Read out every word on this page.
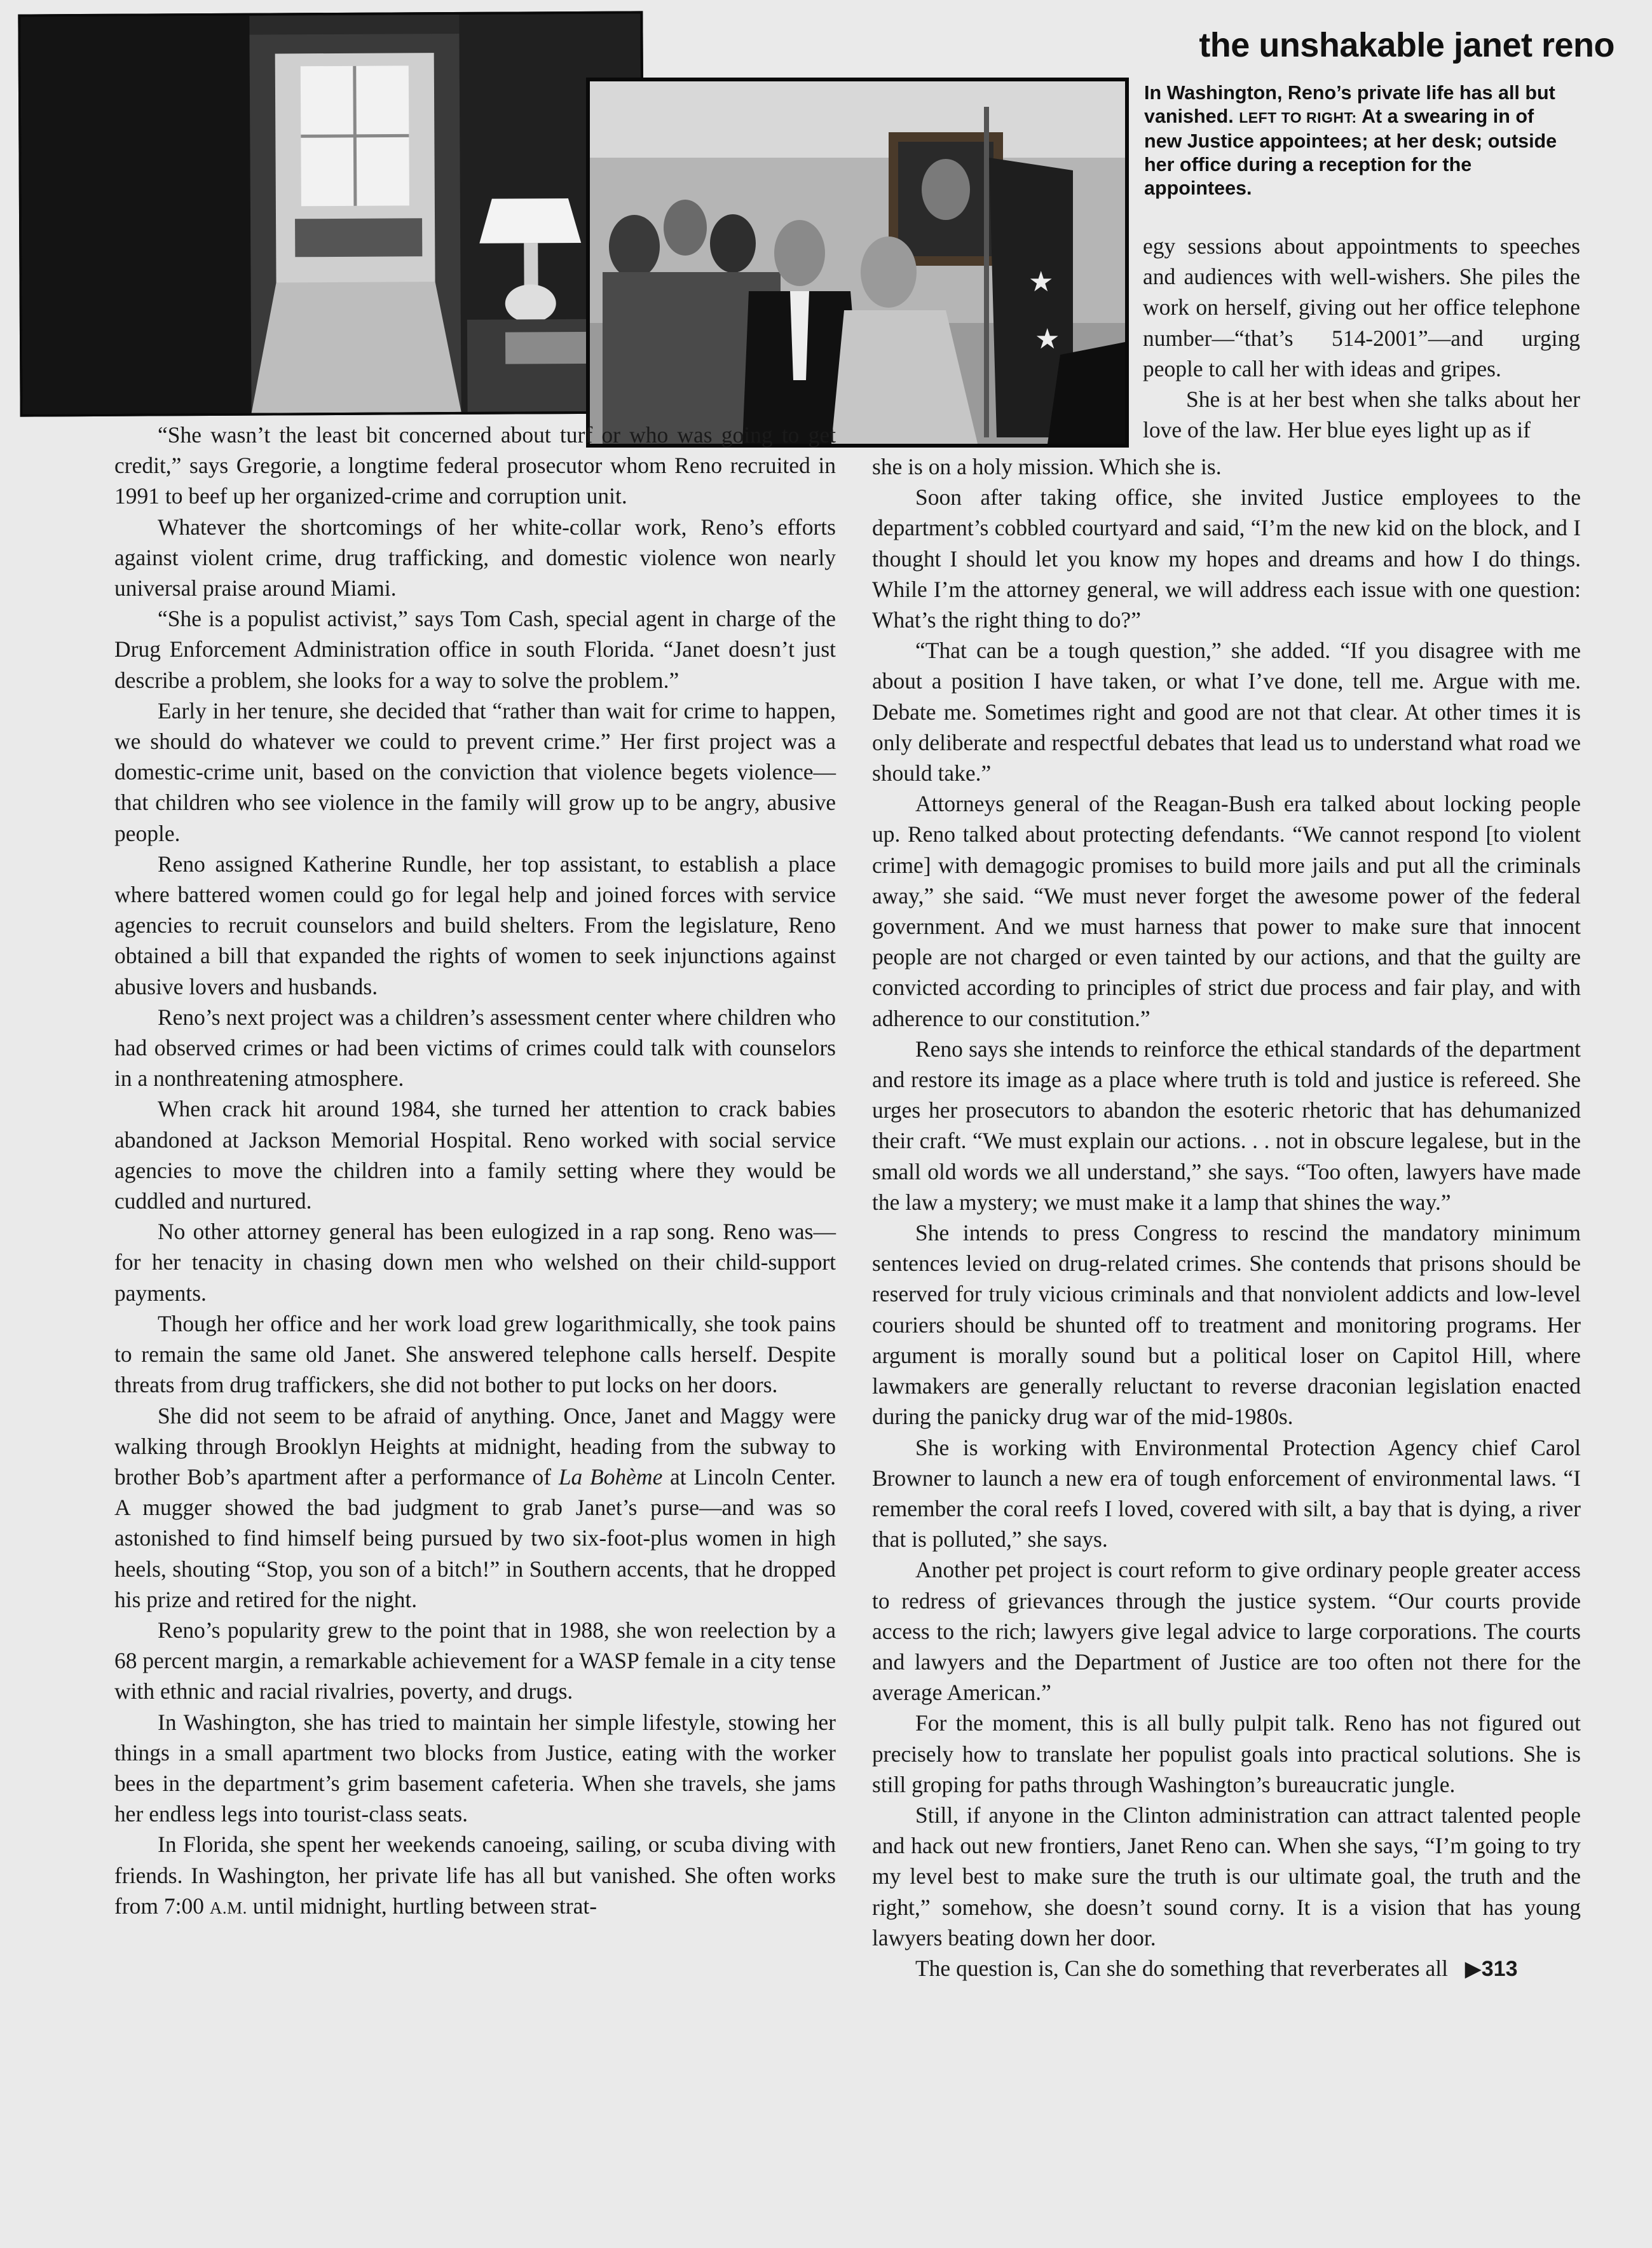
the unshakable janet reno
In Washington, Reno’s private life has all but vanished. LEFT TO RIGHT: At a swearing in of new Justice appointees; at her desk; outside her office during a reception for the appointees.
★
★

egy sessions about appointments to speeches and audiences with well-wishers. She piles the work on herself, giving out her office telephone number—“that’s 514-2001”—and urging people to call her with ideas and gripes.

She is at her best when she talks about her love of the law. Her blue eyes light up as if

“She wasn’t the least bit concerned about turf or who was going to get credit,” says Gregorie, a longtime federal prosecutor whom Reno recruited in 1991 to beef up her organized-crime and corruption unit.

Whatever the shortcomings of her white-collar work, Reno’s efforts against violent crime, drug trafficking, and domestic violence won nearly universal praise around Miami.

“She is a populist activist,” says Tom Cash, special agent in charge of the Drug Enforcement Administration office in south Florida. “Janet doesn’t just describe a problem, she looks for a way to solve the problem.”

Early in her tenure, she decided that “rather than wait for crime to happen, we should do whatever we could to prevent crime.” Her first project was a domestic-crime unit, based on the conviction that violence begets violence—that children who see violence in the family will grow up to be angry, abusive people.

Reno assigned Katherine Rundle, her top assistant, to establish a place where battered women could go for legal help and joined forces with service agencies to recruit counselors and build shelters. From the legislature, Reno obtained a bill that expanded the rights of women to seek injunctions against abusive lovers and husbands.

Reno’s next project was a children’s assessment center where children who had observed crimes or had been victims of crimes could talk with counselors in a nonthreatening atmosphere.

When crack hit around 1984, she turned her attention to crack babies abandoned at Jackson Memorial Hospital. Reno worked with social service agencies to move the children into a family setting where they would be cuddled and nurtured.

No other attorney general has been eulogized in a rap song. Reno was—for her tenacity in chasing down men who welshed on their child-support payments.

Though her office and her work load grew logarithmically, she took pains to remain the same old Janet. She answered telephone calls herself. Despite threats from drug traffickers, she did not bother to put locks on her doors.

She did not seem to be afraid of anything. Once, Janet and Maggy were walking through Brooklyn Heights at midnight, heading from the subway to brother Bob’s apartment after a performance of La Bohème at Lincoln Center. A mugger showed the bad judgment to grab Janet’s purse—and was so astonished to find himself being pursued by two six-foot-plus women in high heels, shouting “Stop, you son of a bitch!” in Southern accents, that he dropped his prize and retired for the night.

Reno’s popularity grew to the point that in 1988, she won reelection by a 68 percent margin, a remarkable achievement for a WASP female in a city tense with ethnic and racial rivalries, poverty, and drugs.

In Washington, she has tried to maintain her simple lifestyle, stowing her things in a small apartment two blocks from Justice, eating with the worker bees in the department’s grim basement cafeteria. When she travels, she jams her endless legs into tourist-class seats.

In Florida, she spent her weekends canoeing, sailing, or scuba diving with friends. In Washington, her private life has all but vanished. She often works from 7:00 A.M. until midnight, hurtling between strat-

she is on a holy mission. Which she is.

Soon after taking office, she invited Justice employees to the department’s cobbled courtyard and said, “I’m the new kid on the block, and I thought I should let you know my hopes and dreams and how I do things. While I’m the attorney general, we will address each issue with one question: What’s the right thing to do?”

“That can be a tough question,” she added. “If you disagree with me about a position I have taken, or what I’ve done, tell me. Argue with me. Debate me. Sometimes right and good are not that clear. At other times it is only deliberate and respectful debates that lead us to understand what road we should take.”

Attorneys general of the Reagan-Bush era talked about locking people up. Reno talked about protecting defendants. “We cannot respond [to violent crime] with demagogic promises to build more jails and put all the criminals away,” she said. “We must never forget the awesome power of the federal government. And we must harness that power to make sure that innocent people are not charged or even tainted by our actions, and that the guilty are convicted according to principles of strict due process and fair play, and with adherence to our constitution.”

Reno says she intends to reinforce the ethical standards of the department and restore its image as a place where truth is told and justice is refereed. She urges her prosecutors to abandon the esoteric rhetoric that has dehumanized their craft. “We must explain our actions. . . not in obscure legalese, but in the small old words we all understand,” she says. “Too often, lawyers have made the law a mystery; we must make it a lamp that shines the way.”

She intends to press Congress to rescind the mandatory minimum sentences levied on drug-related crimes. She contends that prisons should be reserved for truly vicious criminals and that nonviolent addicts and low-level couriers should be shunted off to treatment and monitoring programs. Her argument is morally sound but a political loser on Capitol Hill, where lawmakers are generally reluctant to reverse draconian legislation enacted during the panicky drug war of the mid-1980s.

She is working with Environmental Protection Agency chief Carol Browner to launch a new era of tough enforcement of environmental laws. “I remember the coral reefs I loved, covered with silt, a bay that is dying, a river that is polluted,” she says.

Another pet project is court reform to give ordinary people greater access to redress of grievances through the justice system. “Our courts provide access to the rich; lawyers give legal advice to large corporations. The courts and lawyers and the Department of Justice are too often not there for the average American.”

For the moment, this is all bully pulpit talk. Reno has not figured out precisely how to translate her populist goals into practical solutions. She is still groping for paths through Washington’s bureaucratic jungle.

Still, if anyone in the Clinton administration can attract talented people and hack out new frontiers, Janet Reno can. When she says, “I’m going to try my level best to make sure the truth is our ultimate goal, the truth and the right,” somehow, she doesn’t sound corny. It is a vision that has young lawyers beating down her door.

The question is, Can she do something that reverberates all ▶313
